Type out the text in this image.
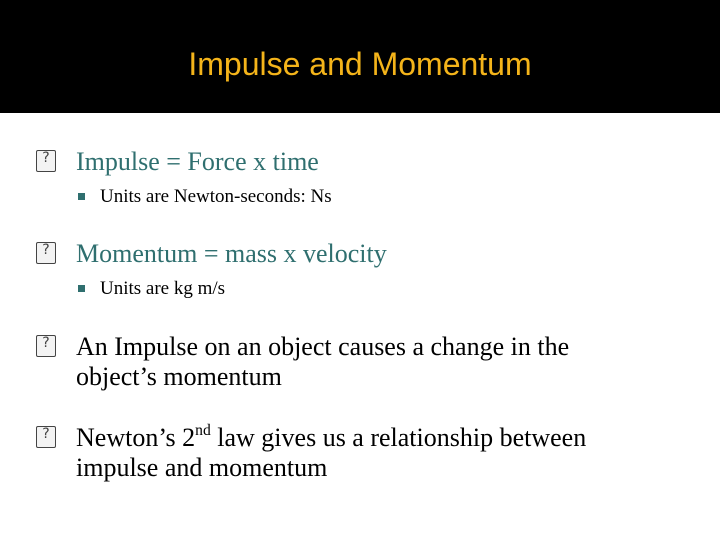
Impulse and Momentum
?
Impulse = Force x time
Units are Newton-seconds: Ns
?
Momentum = mass x velocity
Units are kg m/s
?
An Impulse on an object causes a change in the
object’s momentum
?
Newton’s 2nd law gives us a relationship between
impulse and momentum
